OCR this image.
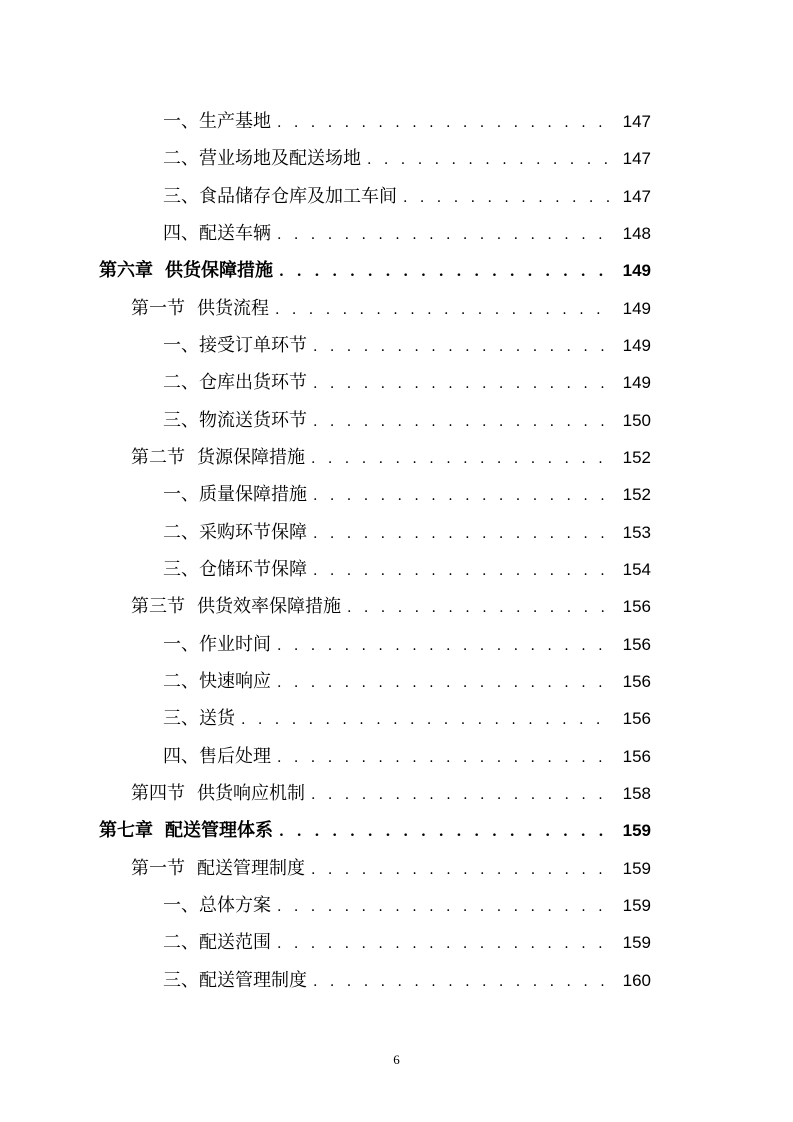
一、 生产基地 . . .	147
二、 营业场地及配送场地 . . .	147
三、 食品储存仓库及加工车间 . . .	147
四、 配送车辆 . . .	148
第六章 供货保障措施 . . .	149
第一节 供货流程 . . .	149
一、 接受订单环节 . . .	149
二、 仓库出货环节 . . .	149
三、 物流送货环节 . . .	150
第二节 货源保障措施 . . .	152
一、 质量保障措施 . . .	152
二、 采购环节保障 . . .	153
三、 仓储环节保障 . . .	154
第三节 供货效率保障措施 . . .	156
一、 作业时间 . . .	156
二、 快速响应 . . .	156
三、 送货 . . .	156
四、 售后处理 . . .	156
第四节 供货响应机制 . . .	158
第七章 配送管理体系 . . .	159
第一节 配送管理制度 . . .	159
一、 总体方案 . . .	159
二、 配送范围 . . .	159
三、 配送管理制度 . . .	160
6
